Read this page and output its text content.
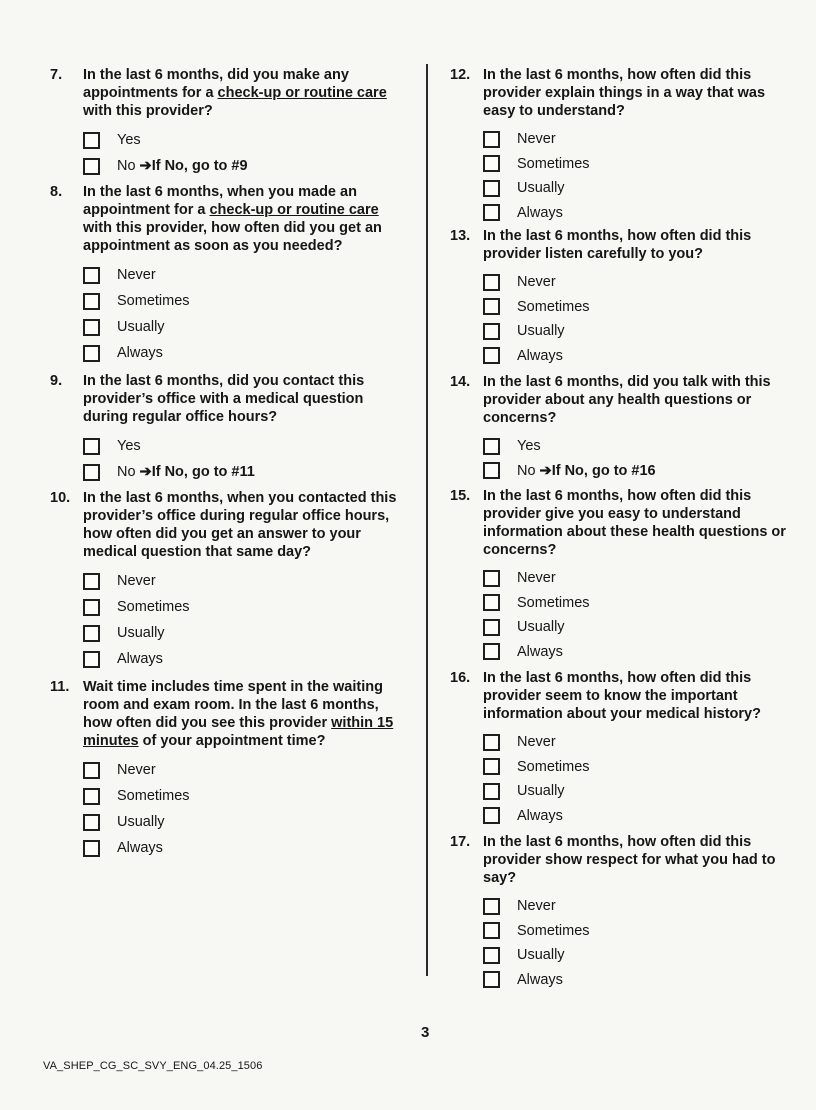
7. In the last 6 months, did you make any appointments for a check-up or routine care with this provider?
Yes
No ➔ If No, go to #9
8. In the last 6 months, when you made an appointment for a check-up or routine care with this provider, how often did you get an appointment as soon as you needed?
Never
Sometimes
Usually
Always
9. In the last 6 months, did you contact this provider’s office with a medical question during regular office hours?
Yes
No ➔ If No, go to #11
10. In the last 6 months, when you contacted this provider’s office during regular office hours, how often did you get an answer to your medical question that same day?
Never
Sometimes
Usually
Always
11. Wait time includes time spent in the waiting room and exam room. In the last 6 months, how often did you see this provider within 15 minutes of your appointment time?
Never
Sometimes
Usually
Always
12. In the last 6 months, how often did this provider explain things in a way that was easy to understand?
Never
Sometimes
Usually
Always
13. In the last 6 months, how often did this provider listen carefully to you?
Never
Sometimes
Usually
Always
14. In the last 6 months, did you talk with this provider about any health questions or concerns?
Yes
No ➔ If No, go to #16
15. In the last 6 months, how often did this provider give you easy to understand information about these health questions or concerns?
Never
Sometimes
Usually
Always
16. In the last 6 months, how often did this provider seem to know the important information about your medical history?
Never
Sometimes
Usually
Always
17. In the last 6 months, how often did this provider show respect for what you had to say?
Never
Sometimes
Usually
Always
3
VA_SHEP_CG_SC_SVY_ENG_04.25_1506
